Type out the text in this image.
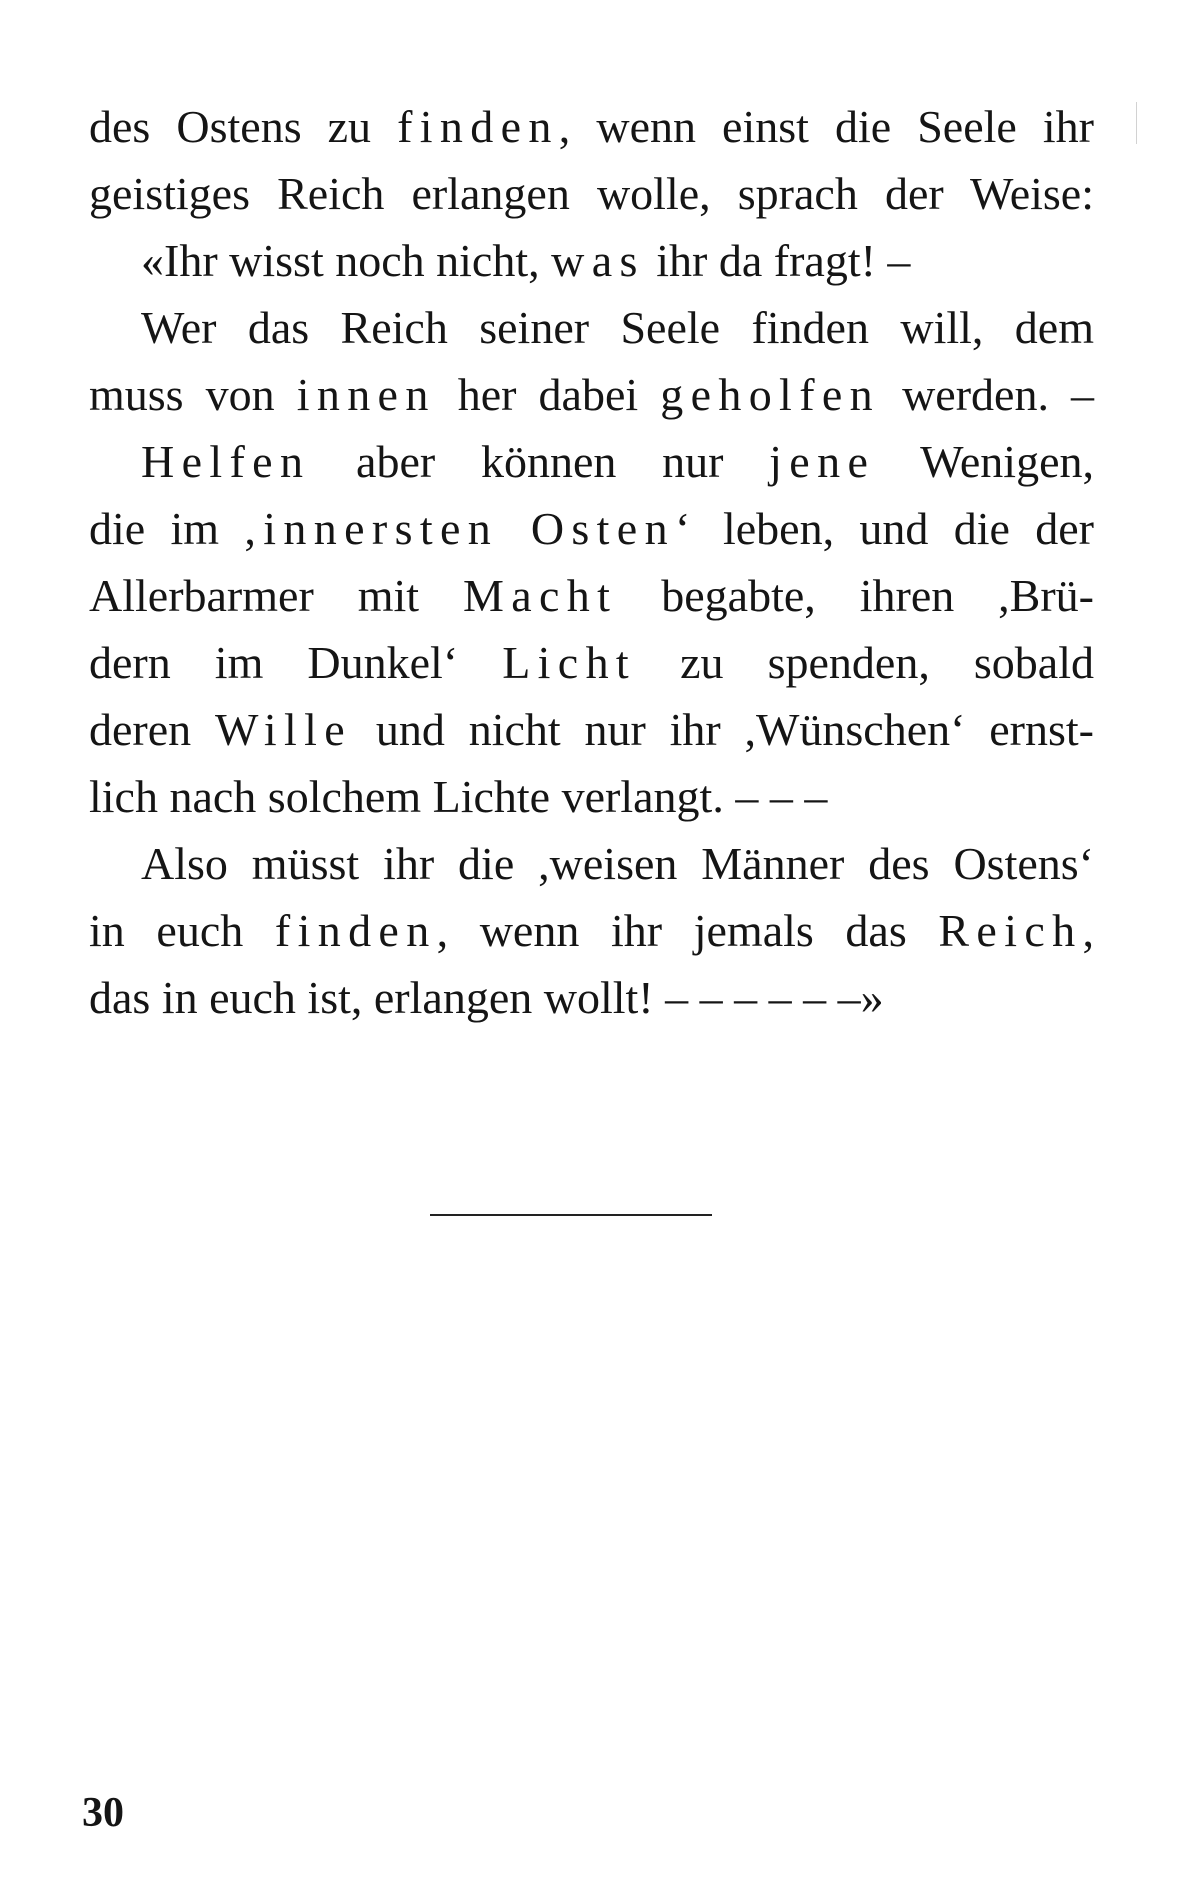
des Ostens zu finden, wenn einst die Seele ihr
geistiges Reich erlangen wolle, sprach der Weise:
«Ihr wisst noch nicht, was ihr da fragt! –
Wer das Reich seiner Seele finden will, dem
muss von innen her dabei geholfen werden. –
Helfen aber können nur jene Wenigen,
die im ,innersten Osten‘ leben, und die der
Allerbarmer mit Macht begabte, ihren ,Brü-
dern im Dunkel‘ Licht zu spenden, sobald
deren Wille und nicht nur ihr ,Wünschen‘ ernst-
lich nach solchem Lichte verlangt. – – –
Also müsst ihr die ,weisen Männer des Ostens‘
in euch finden, wenn ihr jemals das Reich,
das in euch ist, erlangen wollt! – – – – – –»
30
